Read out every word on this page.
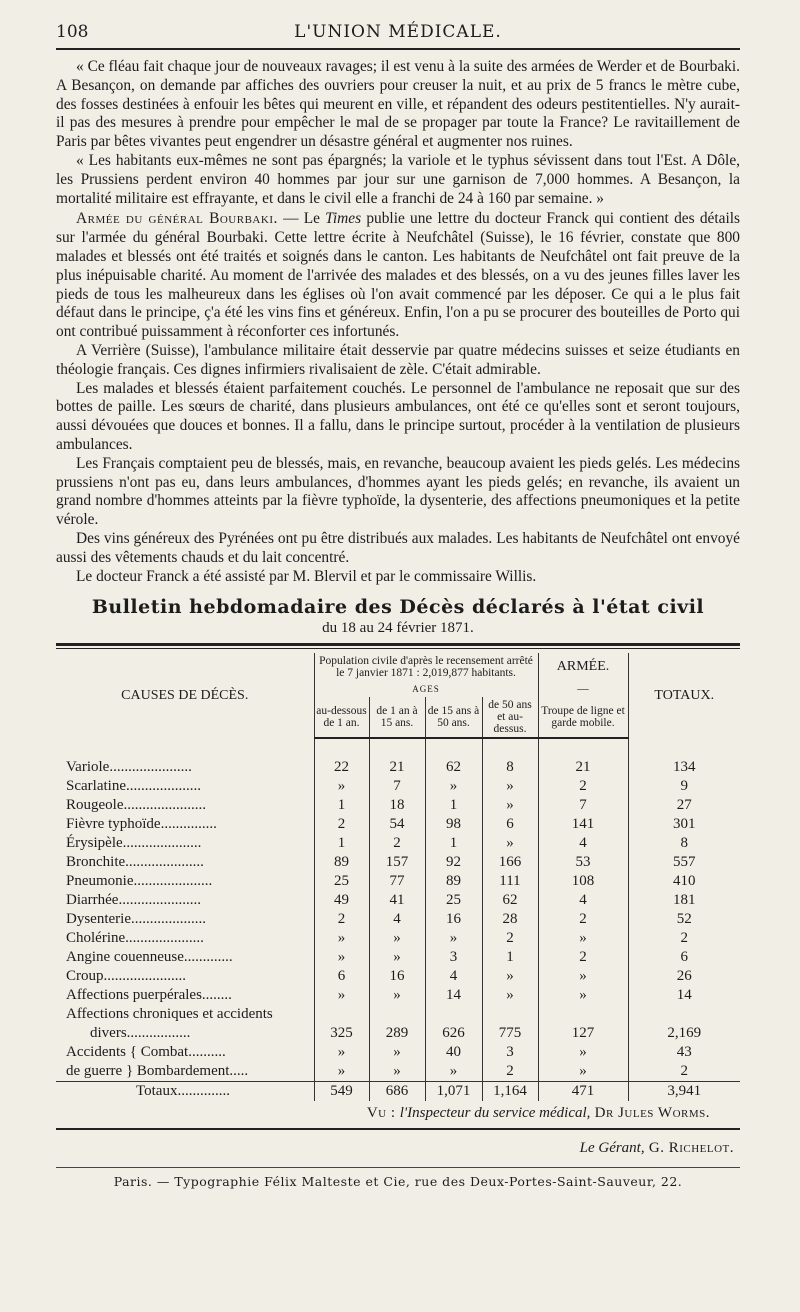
108	L'UNION MÉDICALE.

« Ce fléau fait chaque jour de nouveaux ravages; il est venu à la suite des armées de Werder et de Bourbaki. A Besançon, on demande par affiches des ouvriers pour creuser la nuit, et au prix de 5 francs le mètre cube, des fosses destinées à enfouir les bêtes qui meurent en ville, et répandent des odeurs pestitentielles. N'y aurait-il pas des mesures à prendre pour empêcher le mal de se propager par toute la France? Le ravitaillement de Paris par bêtes vivantes peut engendrer un désastre général et augmenter nos ruines.

« Les habitants eux-mêmes ne sont pas épargnés; la variole et le typhus sévissent dans tout l'Est. A Dôle, les Prussiens perdent environ 40 hommes par jour sur une garnison de 7,000 hommes. A Besançon, la mortalité militaire est effrayante, et dans le civil elle a franchi de 24 à 160 par semaine. »

Armée du général Bourbaki. — Le Times publie une lettre du docteur Franck qui contient des détails sur l'armée du général Bourbaki. Cette lettre écrite à Neufchâtel (Suisse), le 16 février, constate que 800 malades et blessés ont été traités et soignés dans le canton. Les habitants de Neufchâtel ont fait preuve de la plus inépuisable charité. Au moment de l'arrivée des malades et des blessés, on a vu des jeunes filles laver les pieds de tous les malheureux dans les églises où l'on avait commencé par les déposer. Ce qui a le plus fait défaut dans le principe, ç'a été les vins fins et généreux. Enfin, l'on a pu se procurer des bouteilles de Porto qui ont contribué puissamment à réconforter ces infortunés.

A Verrière (Suisse), l'ambulance militaire était desservie par quatre médecins suisses et seize étudiants en théologie français. Ces dignes infirmiers rivalisaient de zèle. C'était admirable.

Les malades et blessés étaient parfaitement couchés. Le personnel de l'ambulance ne reposait que sur des bottes de paille. Les sœurs de charité, dans plusieurs ambulances, ont été ce qu'elles sont et seront toujours, aussi dévouées que douces et bonnes. Il a fallu, dans le principe surtout, procéder à la ventilation de plusieurs ambulances.

Les Français comptaient peu de blessés, mais, en revanche, beaucoup avaient les pieds gelés. Les médecins prussiens n'ont pas eu, dans leurs ambulances, d'hommes ayant les pieds gelés; en revanche, ils avaient un grand nombre d'hommes atteints par la fièvre typhoïde, la dysenterie, des affections pneumoniques et la petite vérole.

Des vins généreux des Pyrénées ont pu être distribués aux malades. Les habitants de Neufchâtel ont envoyé aussi des vêtements chauds et du lait concentré.

Le docteur Franck a été assisté par M. Blervil et par le commissaire Willis.

Bulletin hebdomadaire des Décès déclarés à l'état civil
du 18 au 24 février 1871.
CAUSES DE DÉCÈS.	Population civile d'après le recensement arrêté le 7 janvier 1871 : 2,019,877 habitants.				ARMÉE.	TOTAUX.
	AGES				—	
	au-dessous de 1 an.	de 1 an à 15 ans.	de 15 ans à 50 ans.	de 50 ans et au-dessus.	Troupe de ligne et garde mobile.	

Variole......................	22	21	62	8	21	134
Scarlatine....................	»	7	»	»	2	9
Rougeole......................	1	18	1	»	7	27
Fièvre typhoïde...............	2	54	98	6	141	301
Érysipèle.....................	1	2	1	»	4	8
Bronchite.....................	89	157	92	166	53	557
Pneumonie.....................	25	77	89	111	108	410
Diarrhée......................	49	41	25	62	4	181
Dysenterie....................	2	4	16	28	2	52
Cholérine.....................	»	»	»	2	»	2
Angine couenneuse.............	»	»	3	1	2	6
Croup......................	6	16	4	»	»	26
Affections puerpérales........	»	»	14	»	»	14
Affections chroniques et accidents						
divers.................	325	289	626	775	127	2,169
Accidents { Combat..........	»	»	40	3	»	43
de guerre } Bombardement.....	»	»	»	2	»	2
Totaux..............	549	686	1,071	1,164	471	3,941
Vu : l'Inspecteur du service médical, Dr Jules Worms.
Le Gérant, G. Richelot.
Paris. — Typographie Félix Malteste et Cie, rue des Deux-Portes-Saint-Sauveur, 22.
